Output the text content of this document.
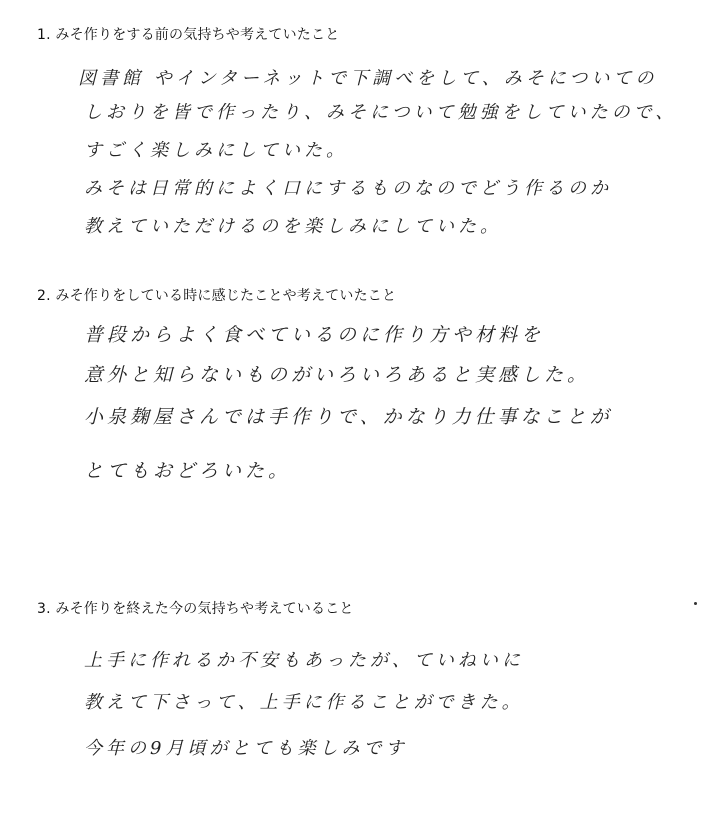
1. みそ作りをする前の気持ちや考えていたこと
図書館 やインターネットで下調べをして、みそについての
しおりを皆で作ったり、みそについて勉強をしていたので、
すごく楽しみにしていた。
みそは日常的によく口にするものなのでどう作るのか
教えていただけるのを楽しみにしていた。
2. みそ作りをしている時に感じたことや考えていたこと
普段からよく食べているのに作り方や材料を
意外と知らないものがいろいろあると実感した。
小泉麹屋さんでは手作りで、かなり力仕事なことが
とてもおどろいた。
3. みそ作りを終えた今の気持ちや考えていること
上手に作れるか不安もあったが、ていねいに
教えて下さって、上手に作ることができた。
今年の9月頃がとても楽しみです
